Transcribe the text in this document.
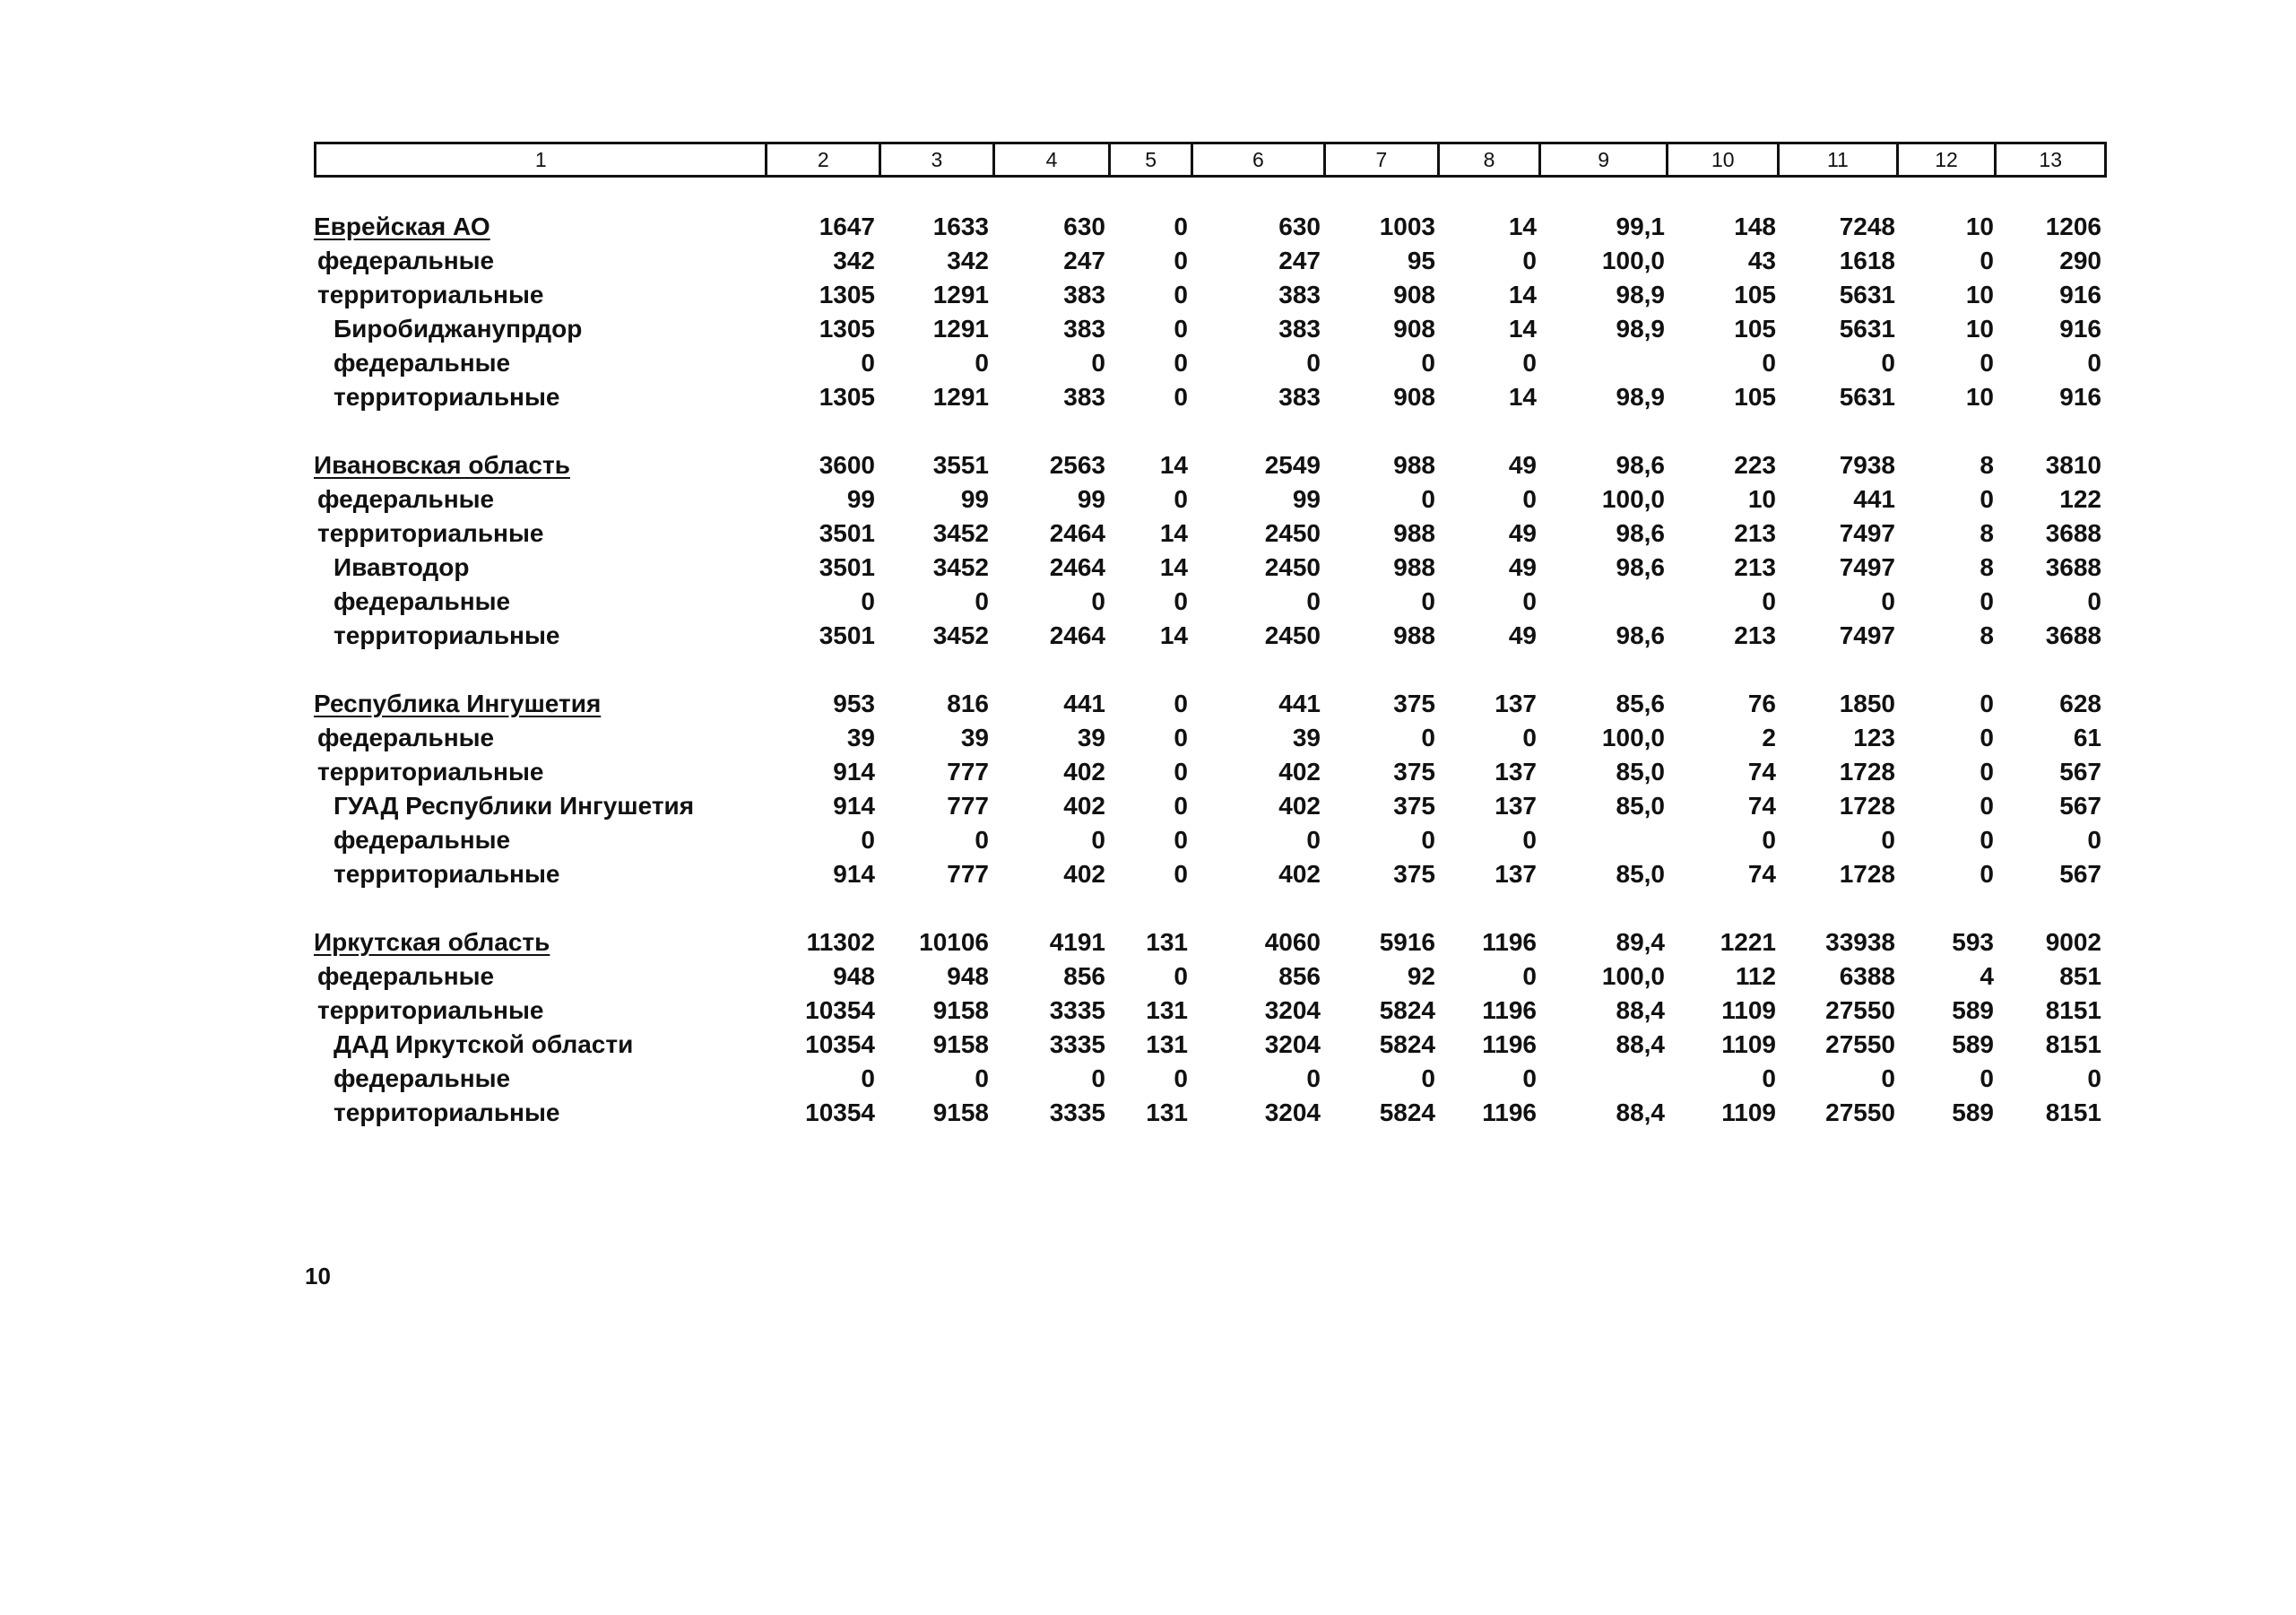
1	2	3	4	5	6	7	8	9	10	11	12	13
Еврейская АО	1647	1633	630	0	630	1003	14	99,1	148	7248	10	1206
федеральные	342	342	247	0	247	95	0	100,0	43	1618	0	290
территориальные	1305	1291	383	0	383	908	14	98,9	105	5631	10	916
Биробиджанупрдор	1305	1291	383	0	383	908	14	98,9	105	5631	10	916
федеральные	0	0	0	0	0	0	0		0	0	0	0
территориальные	1305	1291	383	0	383	908	14	98,9	105	5631	10	916

Ивановская область	3600	3551	2563	14	2549	988	49	98,6	223	7938	8	3810
федеральные	99	99	99	0	99	0	0	100,0	10	441	0	122
территориальные	3501	3452	2464	14	2450	988	49	98,6	213	7497	8	3688
Ивавтодор	3501	3452	2464	14	2450	988	49	98,6	213	7497	8	3688
федеральные	0	0	0	0	0	0	0		0	0	0	0
территориальные	3501	3452	2464	14	2450	988	49	98,6	213	7497	8	3688

Республика Ингушетия	953	816	441	0	441	375	137	85,6	76	1850	0	628
федеральные	39	39	39	0	39	0	0	100,0	2	123	0	61
территориальные	914	777	402	0	402	375	137	85,0	74	1728	0	567
ГУАД Республики Ингушетия	914	777	402	0	402	375	137	85,0	74	1728	0	567
федеральные	0	0	0	0	0	0	0		0	0	0	0
территориальные	914	777	402	0	402	375	137	85,0	74	1728	0	567

Иркутская область	11302	10106	4191	131	4060	5916	1196	89,4	1221	33938	593	9002
федеральные	948	948	856	0	856	92	0	100,0	112	6388	4	851
территориальные	10354	9158	3335	131	3204	5824	1196	88,4	1109	27550	589	8151
ДАД Иркутской области	10354	9158	3335	131	3204	5824	1196	88,4	1109	27550	589	8151
федеральные	0	0	0	0	0	0	0		0	0	0	0
территориальные	10354	9158	3335	131	3204	5824	1196	88,4	1109	27550	589	8151
10
